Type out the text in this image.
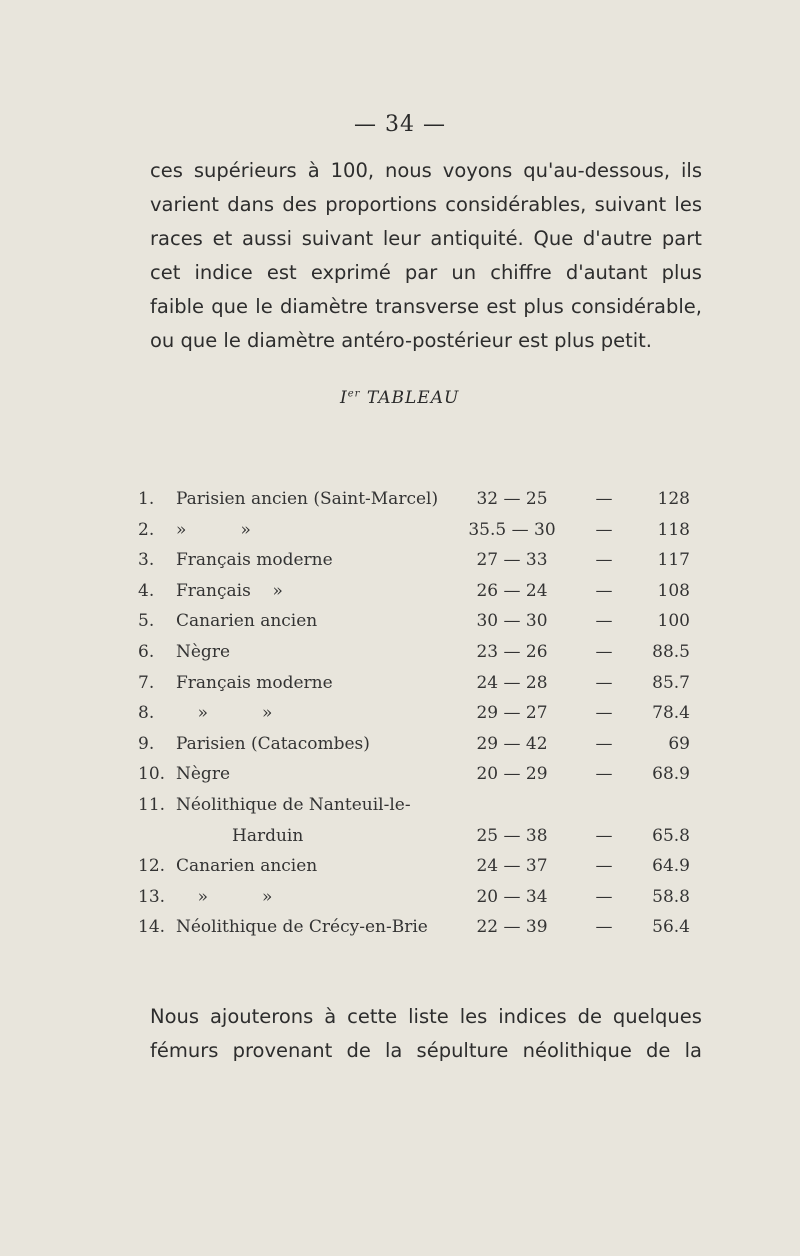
— 34 —
ces supérieurs à 100, nous voyons qu'au-dessous, ils
varient dans des proportions considérables, suivant les
races et aussi suivant leur antiquité. Que d'autre part
cet indice est exprimé par un chiffre d'autant plus
faible que le diamètre transverse est plus considérable,
ou que le diamètre antéro-postérieur est plus petit.
Ier TABLEAU
1. Parisien ancien (Saint-Marcel)	32 — 25	—	128
2. »          »	35.5 — 30	—	118
3. Français moderne	27 — 33	—	117
4. Français    »	26 — 24	—	108
5. Canarien ancien	30 — 30	—	100
6. Nègre	23 — 26	—	88.5
7. Français moderne	24 — 28	—	85.7
8. »          »	29 — 27	—	78.4
9. Parisien (Catacombes)	29 — 42	—	69
10. Nègre	20 — 29	—	68.9
11. Néolithique de Nanteuil-le-
Harduin	25 — 38	—	65.8
12. Canarien ancien	24 — 37	—	64.9
13. »          »	20 — 34	—	58.8
14. Néolithique de Crécy-en-Brie	22 — 39	—	56.4
Nous ajouterons à cette liste les indices de quelques
fémurs provenant de la sépulture néolithique de la
